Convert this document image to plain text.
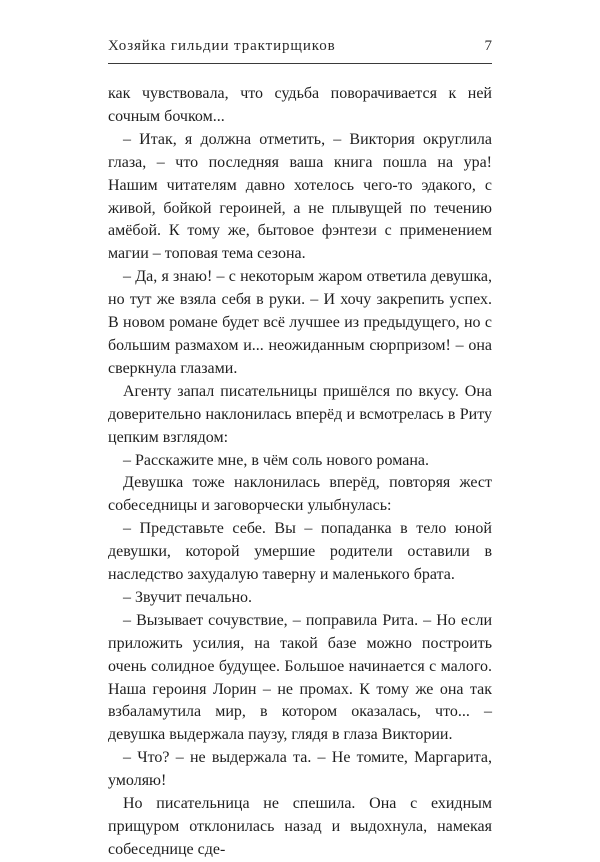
Хозяйка гильдии трактирщиков	7

как чувствовала, что судьба поворачивается к ней сочным бочком...

– Итак, я должна отметить, – Виктория округлила глаза, – что последняя ваша книга пошла на ура! Нашим читателям давно хотелось чего-то эдакого, с живой, бойкой героиней, а не плывущей по течению амёбой. К тому же, бытовое фэнтези с применением магии – топовая тема сезона.

– Да, я знаю! – с некоторым жаром ответила девушка, но тут же взяла себя в руки. – И хочу закрепить успех. В новом романе будет всё лучшее из предыдущего, но с большим размахом и... неожиданным сюрпризом! – она сверкнула глазами.

Агенту запал писательницы пришёлся по вкусу. Она доверительно наклонилась вперёд и всмотрелась в Риту цепким взглядом:

– Расскажите мне, в чём соль нового романа.

Девушка тоже наклонилась вперёд, повторяя жест собеседницы и заговорчески улыбнулась:

– Представьте себе. Вы – попаданка в тело юной девушки, которой умершие родители оставили в наследство захудалую таверну и маленького брата.

– Звучит печально.

– Вызывает сочувствие, – поправила Рита. – Но если приложить усилия, на такой базе можно построить очень солидное будущее. Большое начинается с малого. Наша героиня Лорин – не промах. К тому же она так взбаламутила мир, в котором оказалась, что... – девушка выдержала паузу, глядя в глаза Виктории.

– Что? – не выдержала та. – Не томите, Маргарита, умоляю!

Но писательница не спешила. Она с ехидным прищуром отклонилась назад и выдохнула, намекая собеседнице сде-
